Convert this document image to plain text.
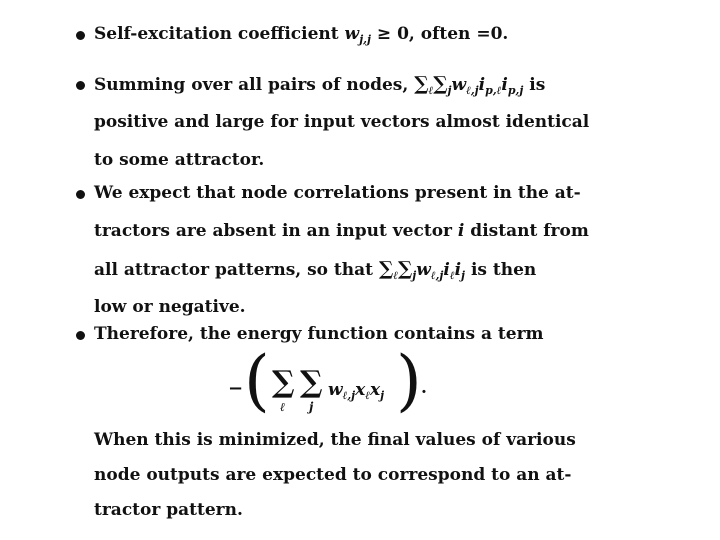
Self-excitation coefficient $w_{j,j} \ge 0$, often =0.
Summing over all pairs of nodes, $\sum_\ell\sum_jw_{\ell,j}i_{p,\ell}i_{p,j}$ is
positive and large for input vectors almost identical
to some attractor.
We expect that node correlations present in the at-
tractors are absent in an input vector i distant from
all attractor patterns, so that $\sum_\ell\sum_jw_{\ell,j}i_\ell i_j$ is then
low or negative.
Therefore, the energy function contains a term
− ( ∑
ℓ
∑
j
$w_{\ell,j}x_\ell x_j$ ) .
When this is minimized, the final values of various
node outputs are expected to correspond to an at-
tractor pattern.
